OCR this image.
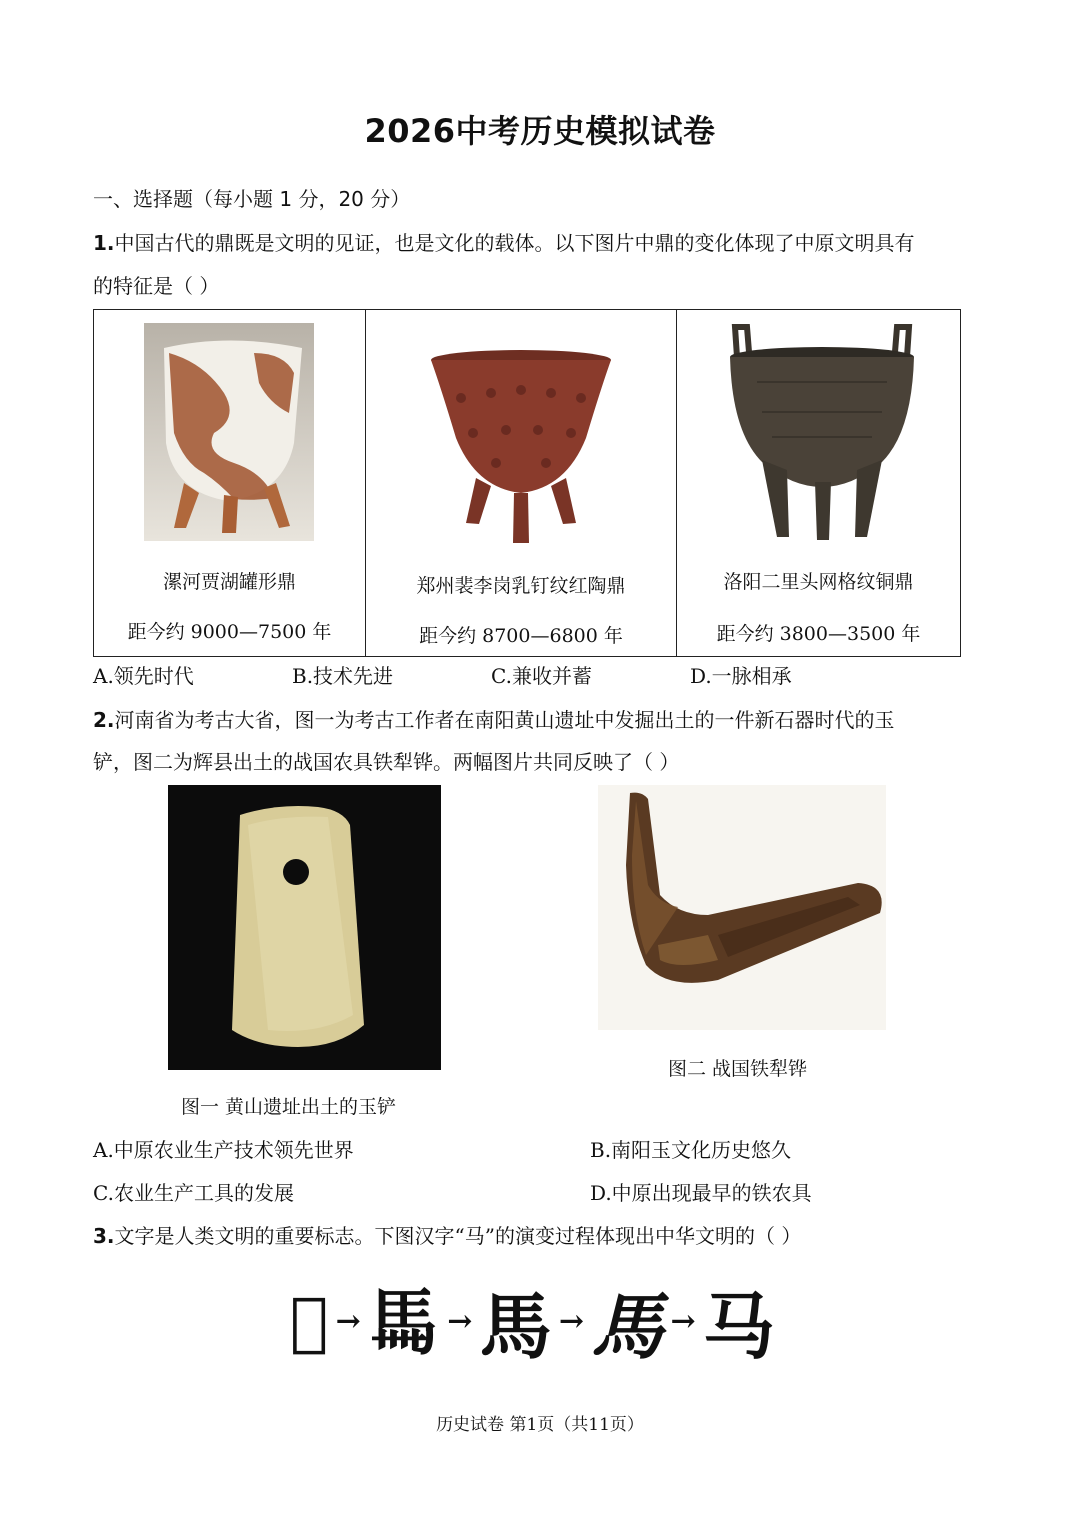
2026中考历史模拟试卷
一、选择题（每小题 1 分，20 分）
1.中国古代的鼎既是文明的见证，也是文化的载体。以下图片中鼎的变化体现了中原文明具有
的特征是（ ）
漯河贾湖罐形鼎
距今约 9000—7500 年
郑州裴李岗乳钉纹红陶鼎
距今约 8700—6800 年
洛阳二里头网格纹铜鼎
距今约 3800—3500 年
A.领先时代	B.技术先进	C.兼收并蓄	D.一脉相承
2.河南省为考古大省，图一为考古工作者在南阳黄山遗址中发掘出土的一件新石器时代的玉
铲，图二为辉县出土的战国农具铁犁铧。两幅图片共同反映了（ ）
图一 黄山遗址出土的玉铲
图二 战国铁犁铧
A.中原农业生产技术领先世界	B.南阳玉文化历史悠久
C.农业生产工具的发展	D.中原出现最早的铁农具
3.文字是人类文明的重要标志。下图汉字“马”的演变过程体现出中华文明的（ ）
𢒢 → 𩡧 → 馬 → 馬 → 马
历史试卷 第1页（共11页）
